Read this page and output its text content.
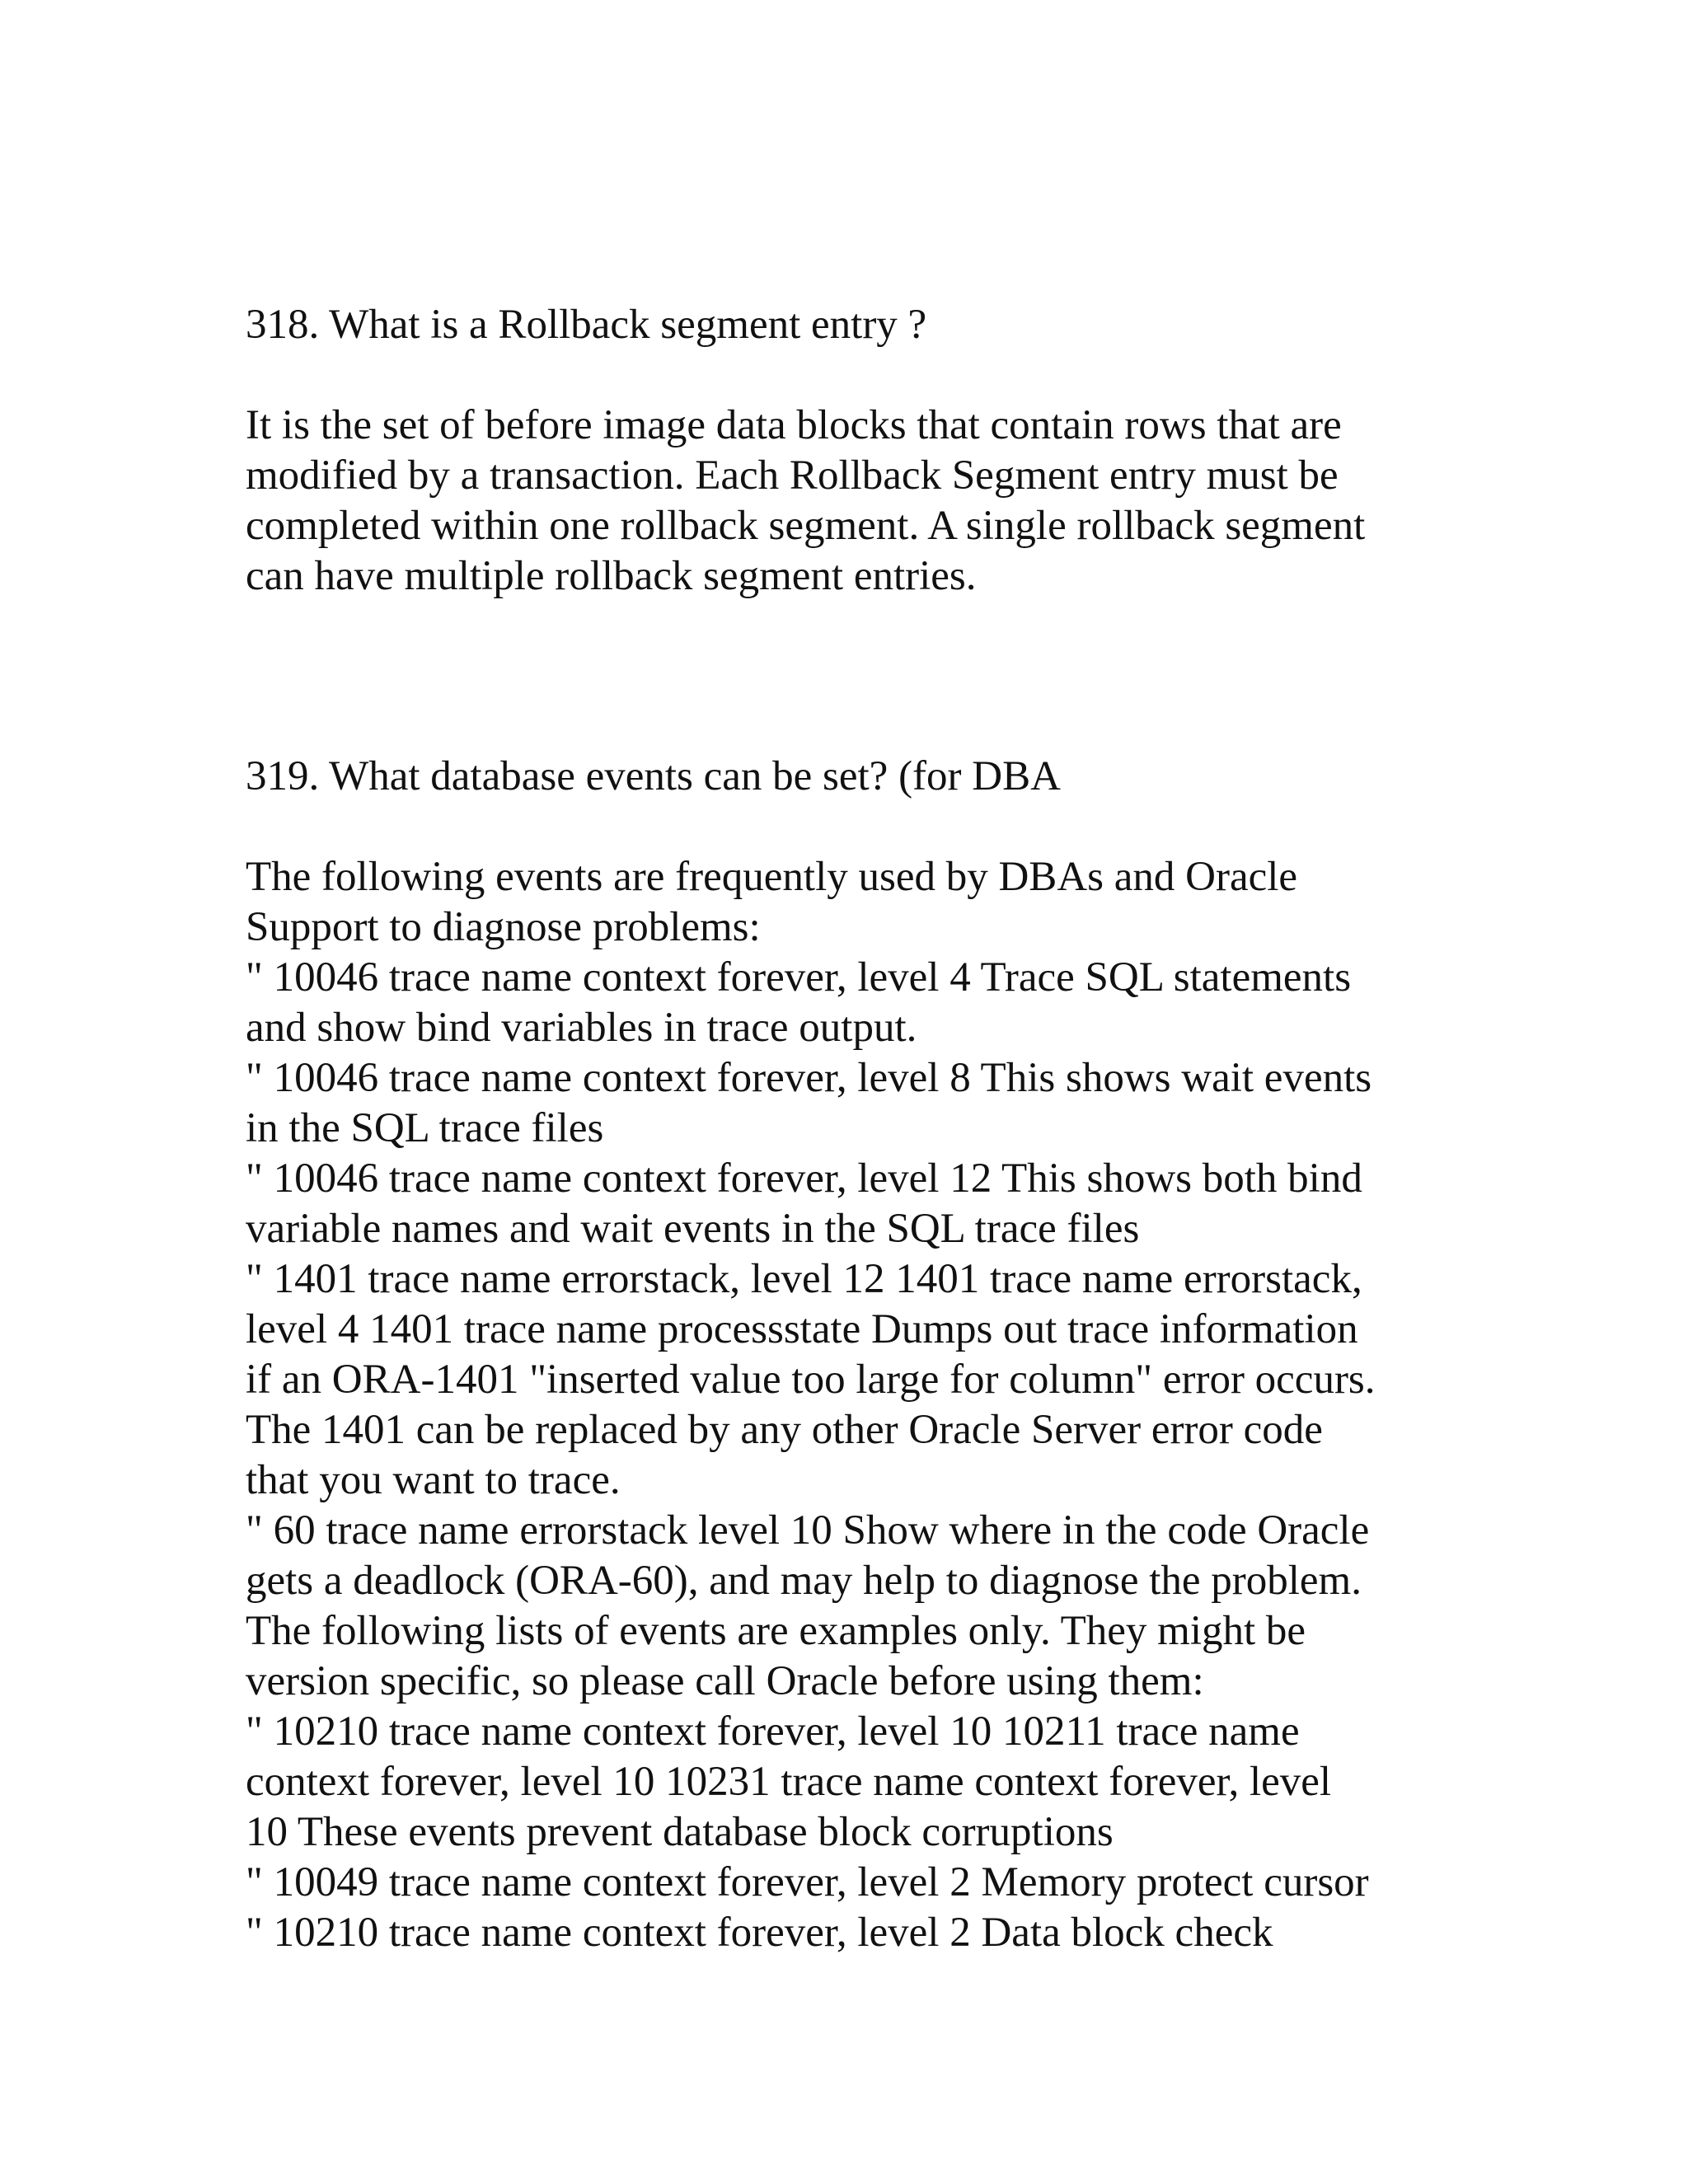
318. What is a Rollback segment entry ?
It is the set of before image data blocks that contain rows that are
modified by a transaction. Each Rollback Segment entry must be
completed within one rollback segment. A single rollback segment
can have multiple rollback segment entries.
319. What database events can be set? (for DBA
The following events are frequently used by DBAs and Oracle
Support to diagnose problems:
" 10046 trace name context forever, level 4 Trace SQL statements
and show bind variables in trace output.
" 10046 trace name context forever, level 8 This shows wait events
in the SQL trace files
" 10046 trace name context forever, level 12 This shows both bind
variable names and wait events in the SQL trace files
" 1401 trace name errorstack, level 12 1401 trace name errorstack,
level 4 1401 trace name processstate Dumps out trace information
if an ORA-1401 "inserted value too large for column" error occurs.
The 1401 can be replaced by any other Oracle Server error code
that you want to trace.
" 60 trace name errorstack level 10 Show where in the code Oracle
gets a deadlock (ORA-60), and may help to diagnose the problem.
The following lists of events are examples only. They might be
version specific, so please call Oracle before using them:
" 10210 trace name context forever, level 10 10211 trace name
context forever, level 10 10231 trace name context forever, level
10 These events prevent database block corruptions
" 10049 trace name context forever, level 2 Memory protect cursor
" 10210 trace name context forever, level 2 Data block check
